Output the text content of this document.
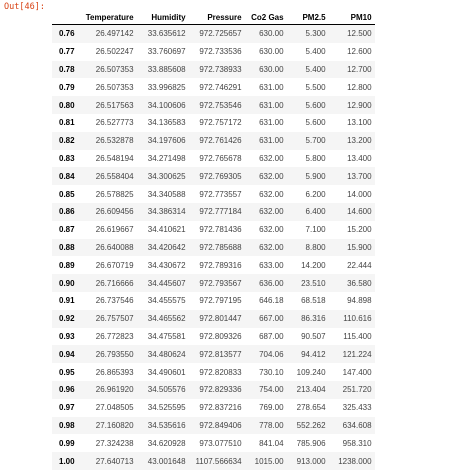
Out[46]:
	Temperature	Humidity	Pressure	Co2 Gas	PM2.5	PM10
0.76	26.497142	33.635612	972.725657	630.00	5.300	12.500
0.77	26.502247	33.760697	972.733536	630.00	5.400	12.600
0.78	26.507353	33.885608	972.738933	630.00	5.400	12.700
0.79	26.507353	33.996825	972.746291	631.00	5.500	12.800
0.80	26.517563	34.100606	972.753546	631.00	5.600	12.900
0.81	26.527773	34.136583	972.757172	631.00	5.600	13.100
0.82	26.532878	34.197606	972.761426	631.00	5.700	13.200
0.83	26.548194	34.271498	972.765678	632.00	5.800	13.400
0.84	26.558404	34.300625	972.769305	632.00	5.900	13.700
0.85	26.578825	34.340588	972.773557	632.00	6.200	14.000
0.86	26.609456	34.386314	972.777184	632.00	6.400	14.600
0.87	26.619667	34.410621	972.781436	632.00	7.100	15.200
0.88	26.640088	34.420642	972.785688	632.00	8.800	15.900
0.89	26.670719	34.430672	972.789316	633.00	14.200	22.444
0.90	26.716666	34.445607	972.793567	636.00	23.510	36.580
0.91	26.737546	34.455575	972.797195	646.18	68.518	94.898
0.92	26.757507	34.465562	972.801447	667.00	86.316	110.616
0.93	26.772823	34.475581	972.809326	687.00	90.507	115.400
0.94	26.793550	34.480624	972.813577	704.06	94.412	121.224
0.95	26.865393	34.490601	972.820833	730.10	109.240	147.400
0.96	26.961920	34.505576	972.829336	754.00	213.404	251.720
0.97	27.048505	34.525595	972.837216	769.00	278.654	325.433
0.98	27.160820	34.535616	972.849406	778.00	552.262	634.608
0.99	27.324238	34.620928	973.077510	841.04	785.906	958.310
1.00	27.640713	43.001648	1107.566634	1015.00	913.000	1238.000
